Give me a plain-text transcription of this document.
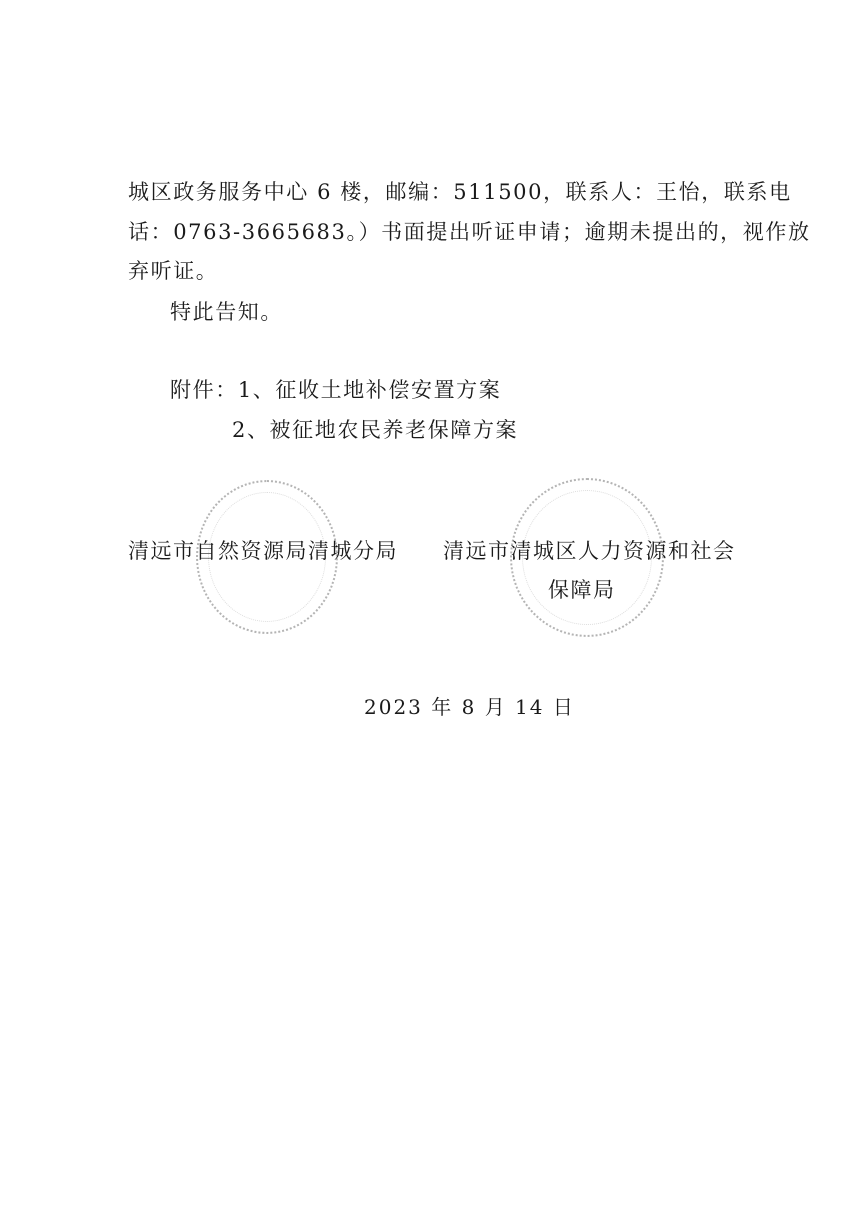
城区政务服务中心 6 楼，邮编：511500，联系人：王怡，联系电
话：0763-3665683。）书面提出听证申请；逾期未提出的，视作放
弃听证。
特此告知。
附件：1、征收土地补偿安置方案
2、被征地农民养老保障方案
清远市自然资源局清城分局 清远市清城区人力资源和社会
保障局
2023 年 8 月 14 日
